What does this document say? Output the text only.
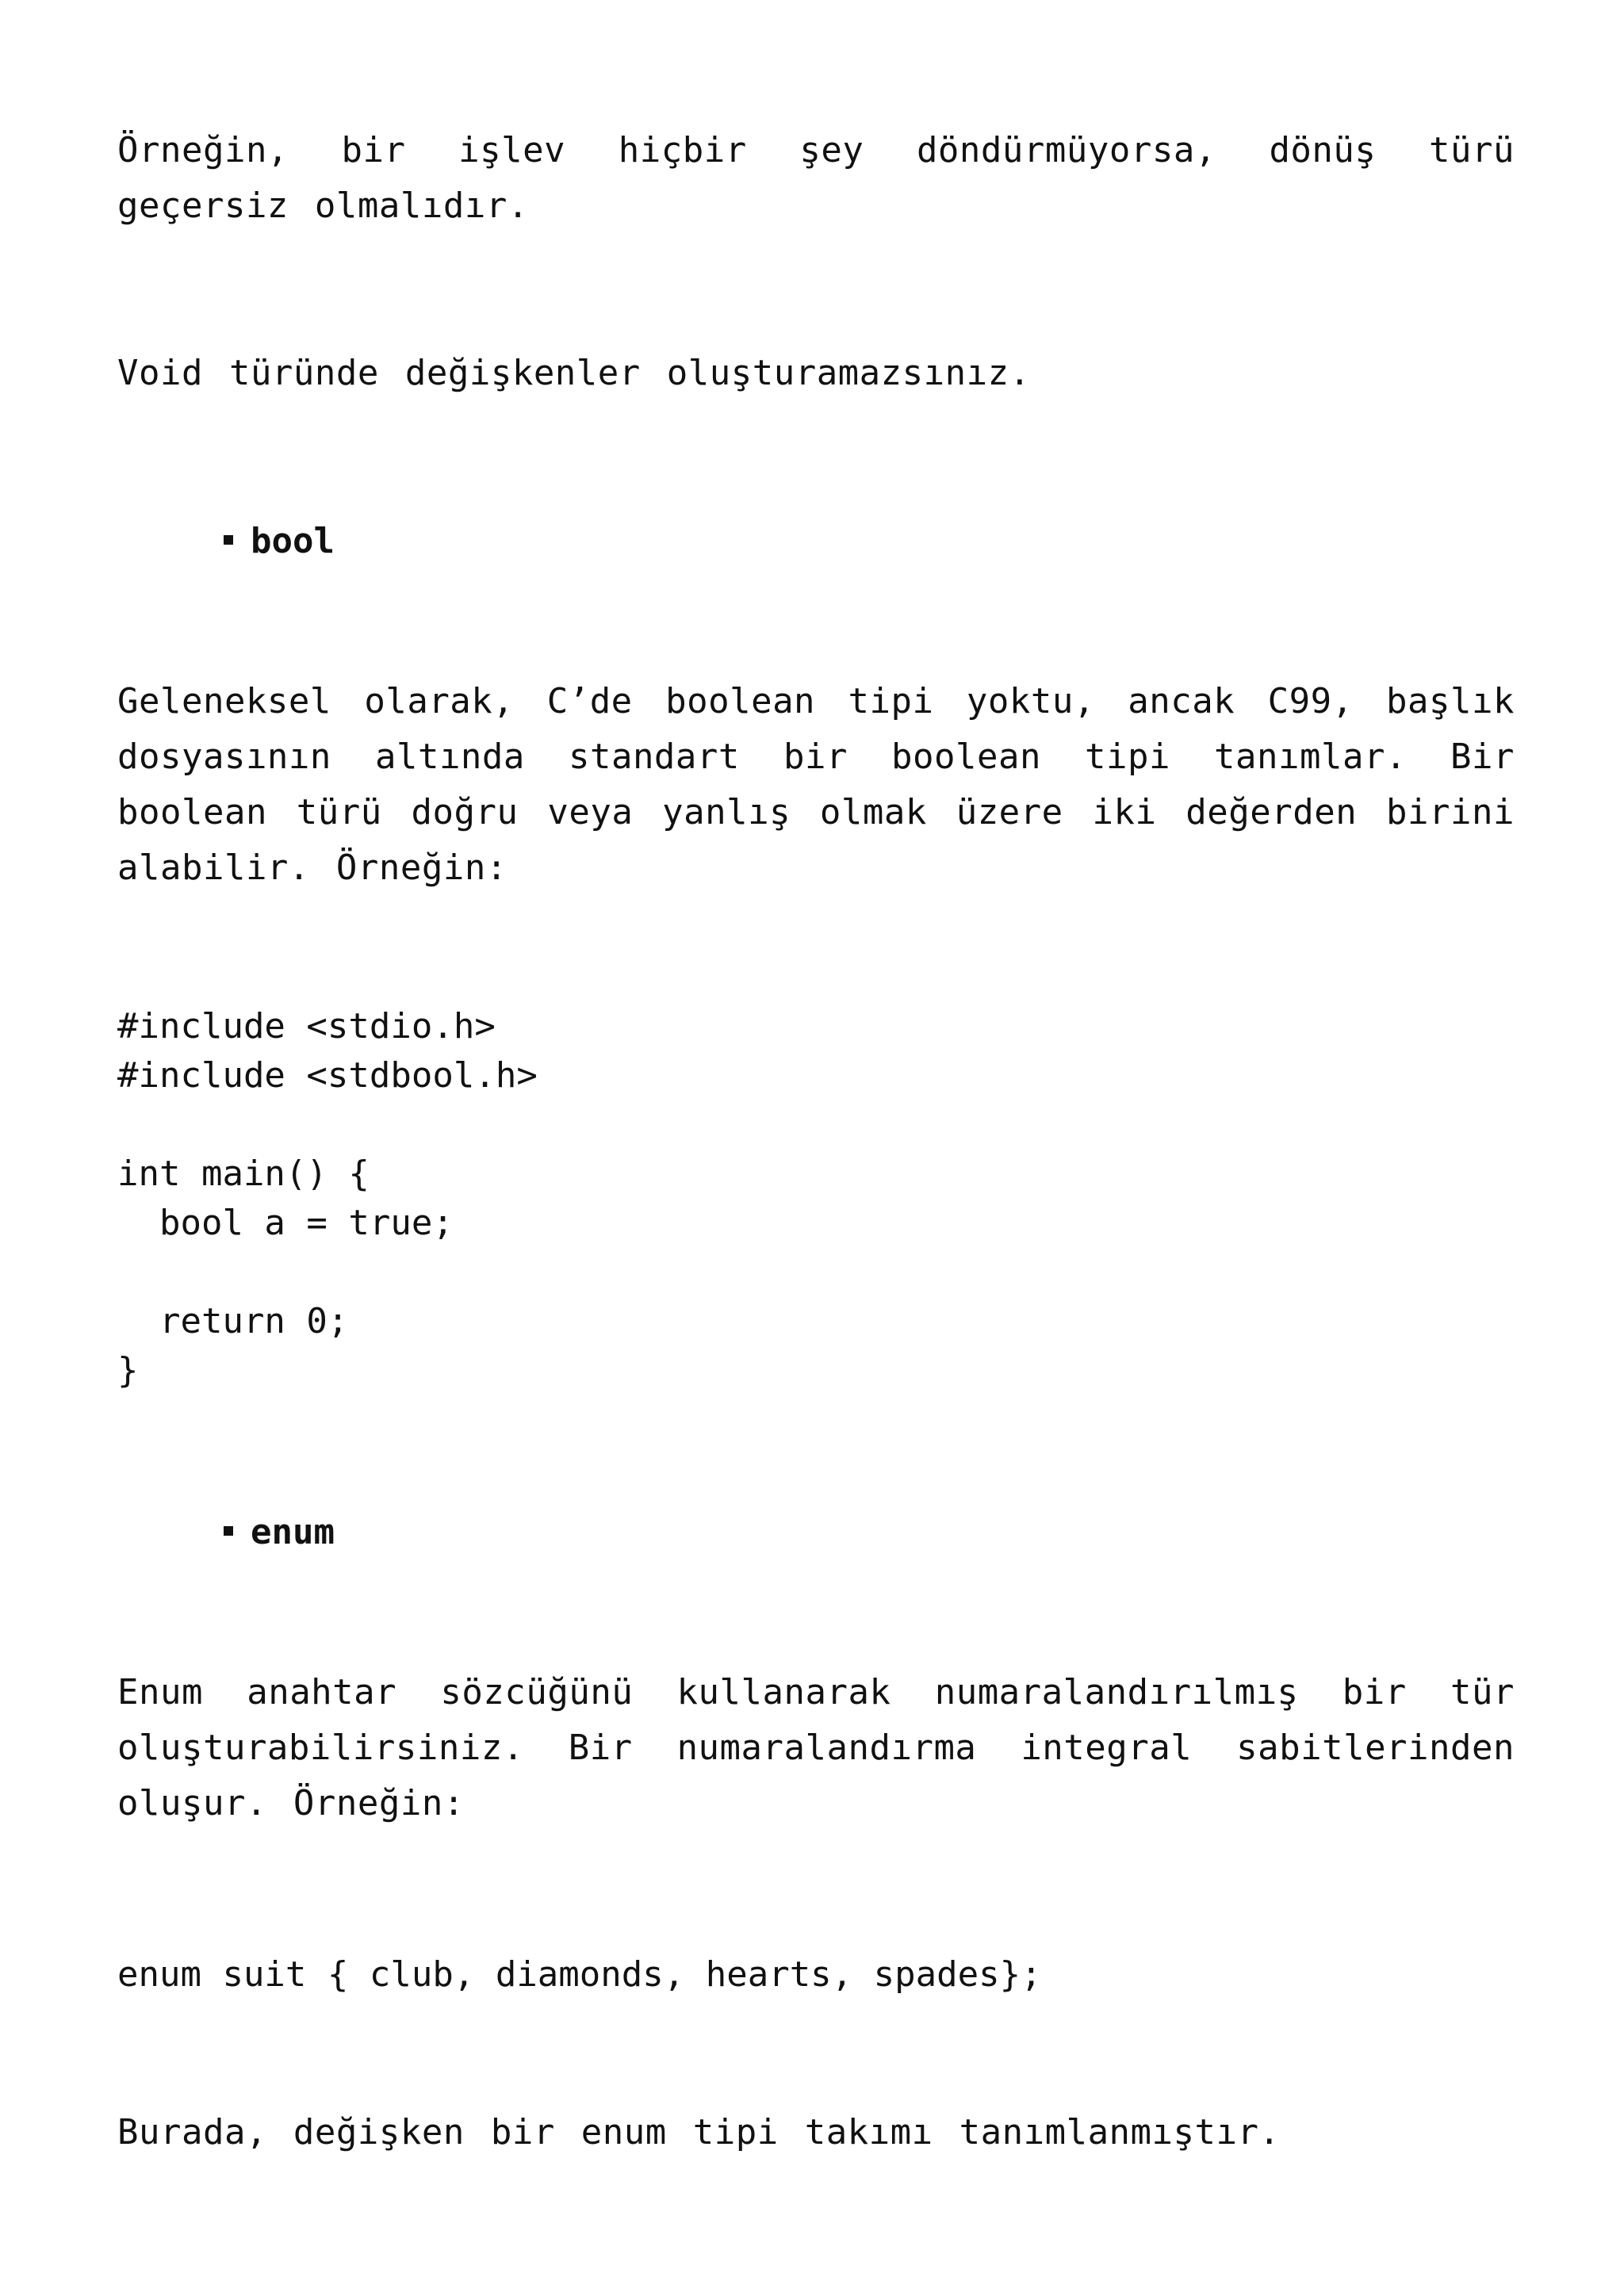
Örneğin, bir işlev hiçbir şey döndürmüyorsa, dönüş türü geçersiz olmalıdır.

Void türünde değişkenler oluşturamazsınız.

bool

Geleneksel olarak, C’de boolean tipi yoktu, ancak C99, başlık dosyasının altında standart bir boolean tipi tanımlar. Bir boolean türü doğru veya yanlış olmak üzere iki değerden birini alabilir. Örneğin:

#include <stdio.h>
#include <stdbool.h>

int main() {
bool a = true;

return 0;
}
enum

Enum anahtar sözcüğünü kullanarak numaralandırılmış bir tür oluşturabilirsiniz. Bir numaralandırma integral sabitlerinden oluşur. Örneğin:

enum suit { club, diamonds, hearts, spades};

Burada, değişken bir enum tipi takımı tanımlanmıştır.
